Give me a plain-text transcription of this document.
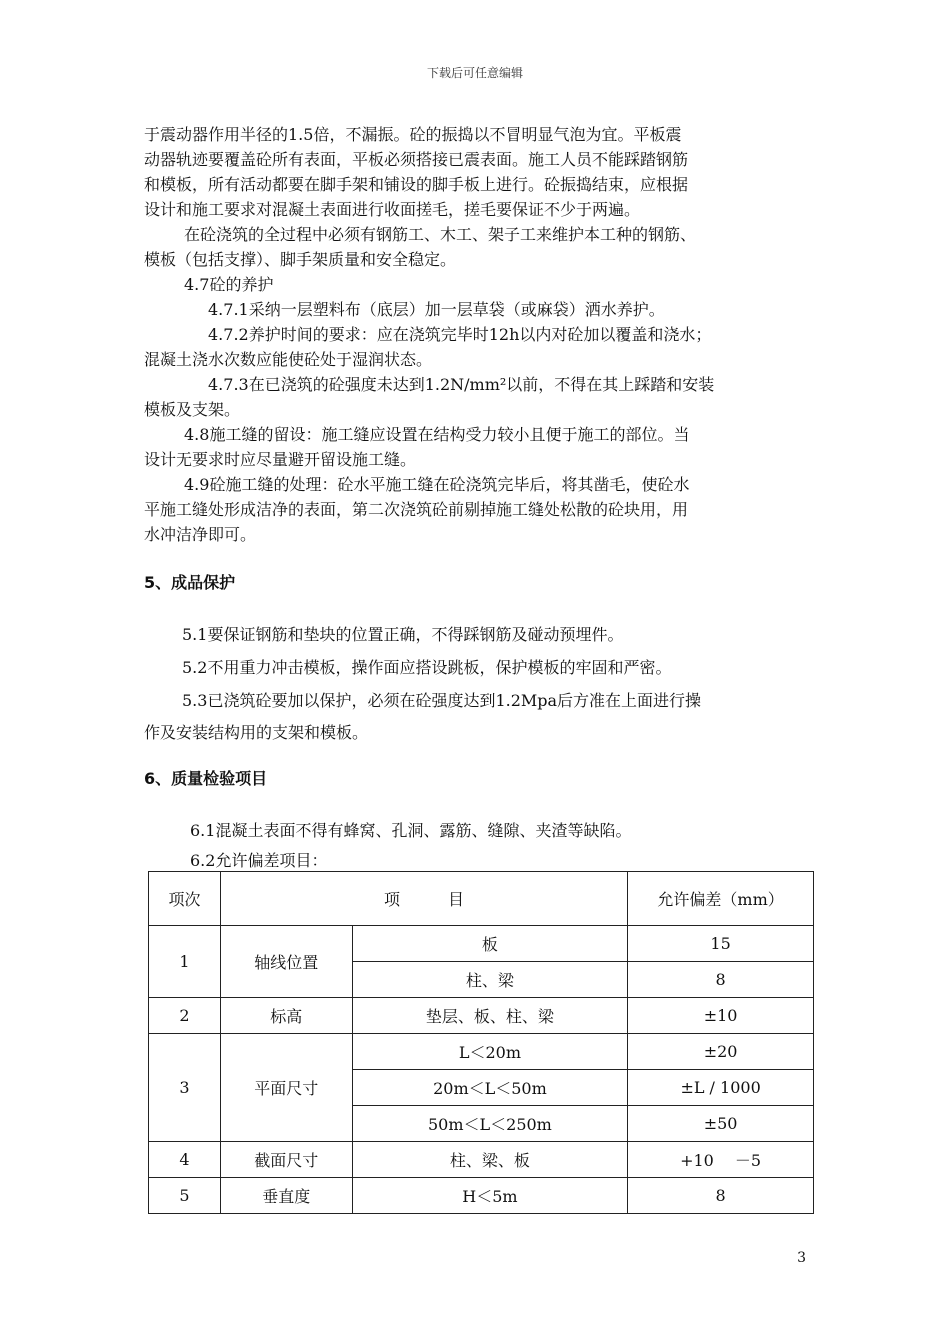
下载后可任意编辑
于震动器作用半径的1.5倍，不漏振。砼的振捣以不冒明显气泡为宜。平板震
动器轨迹要覆盖砼所有表面，平板必须搭接已震表面。施工人员不能踩踏钢筋
和模板，所有活动都要在脚手架和铺设的脚手板上进行。砼振捣结束，应根据
设计和施工要求对混凝土表面进行收面搓毛，搓毛要保证不少于两遍。
在砼浇筑的全过程中必须有钢筋工、木工、架子工来维护本工种的钢筋、
模板（包括支撑）、脚手架质量和安全稳定。
4.7砼的养护
4.7.1采纳一层塑料布（底层）加一层草袋（或麻袋）洒水养护。
4.7.2养护时间的要求：应在浇筑完毕时12h以内对砼加以覆盖和浇水；
混凝土浇水次数应能使砼处于湿润状态。
4.7.3在已浇筑的砼强度未达到1.2N/mm²以前，不得在其上踩踏和安装
模板及支架。
4.8施工缝的留设：施工缝应设置在结构受力较小且便于施工的部位。当
设计无要求时应尽量避开留设施工缝。
4.9砼施工缝的处理：砼水平施工缝在砼浇筑完毕后，将其凿毛，使砼水
平施工缝处形成洁净的表面，第二次浇筑砼前剔掉施工缝处松散的砼块用，用
水冲洁净即可。
5、成品保护
5.1要保证钢筋和垫块的位置正确，不得踩钢筋及碰动预埋件。
5.2不用重力冲击模板，操作面应搭设跳板，保护模板的牢固和严密。
5.3已浇筑砼要加以保护，必须在砼强度达到1.2Mpa后方准在上面进行操
作及安装结构用的支架和模板。
6、质量检验项目
6.1混凝土表面不得有蜂窝、孔洞、露筋、缝隙、夹渣等缺陷。
6.2允许偏差项目：
项次	项　　　目		允许偏差（mm）
1	轴线位置	板	15
		柱、梁	8
2	标高	垫层、板、柱、梁	±10
3	平面尺寸	L＜20m	±20
		20m＜L＜50m	±L / 1000
		50m＜L＜250m	±50
4	截面尺寸	柱、梁、板	+10　 －5
5	垂直度	H＜5m	8
3
